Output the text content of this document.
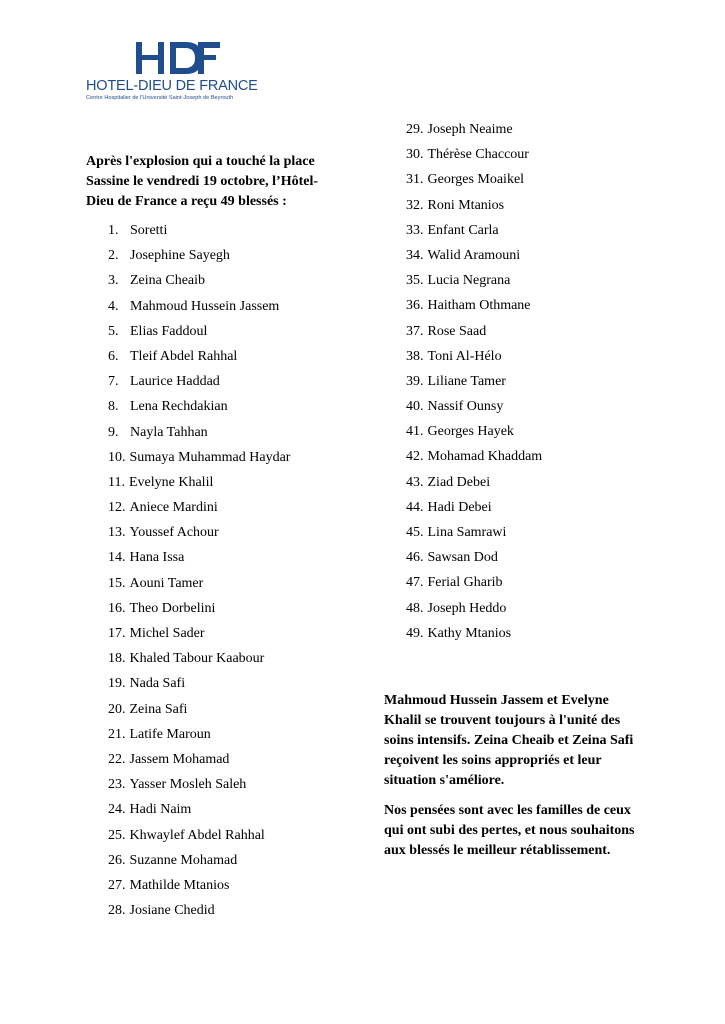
HOTEL-DIEU DE FRANCE
Centre Hospitalier de l'Université Saint-Joseph de Beyrouth

Après l'explosion qui a touché la place Sassine le vendredi 19 octobre, l’Hôtel-Dieu de France a reçu 49 blessés :

1. Soretti
2. Josephine Sayegh
3. Zeina Cheaib
4. Mahmoud Hussein Jassem
5. Elias Faddoul
6. Tleif Abdel Rahhal
7. Laurice Haddad
8. Lena Rechdakian
9. Nayla Tahhan
10. Sumaya Muhammad Haydar
11. Evelyne Khalil
12. Aniece Mardini
13. Youssef Achour
14. Hana Issa
15. Aouni Tamer
16. Theo Dorbelini
17. Michel Sader
18. Khaled Tabour Kaabour
19. Nada Safi
20. Zeina Safi
21. Latife Maroun
22. Jassem Mohamad
23. Yasser Mosleh Saleh
24. Hadi Naim
25. Khwaylef Abdel Rahhal
26. Suzanne Mohamad
27. Mathilde Mtanios
28. Josiane Chedid
29. Joseph Neaime
30. Thérèse Chaccour
31. Georges Moaikel
32. Roni Mtanios
33. Enfant Carla
34. Walid Aramouni
35. Lucia Negrana
36. Haitham Othmane
37. Rose Saad
38. Toni Al-Hélo
39. Liliane Tamer
40. Nassif Ounsy
41. Georges Hayek
42. Mohamad Khaddam
43. Ziad Debei
44. Hadi Debei
45. Lina Samrawi
46. Sawsan Dod
47. Ferial Gharib
48. Joseph Heddo
49. Kathy Mtanios

Mahmoud Hussein Jassem et Evelyne Khalil se trouvent toujours à l'unité des soins intensifs. Zeina Cheaib et Zeina Safi reçoivent les soins appropriés et leur situation s'améliore.

Nos pensées sont avec les familles de ceux qui ont subi des pertes, et nous souhaitons aux blessés le meilleur rétablissement.
